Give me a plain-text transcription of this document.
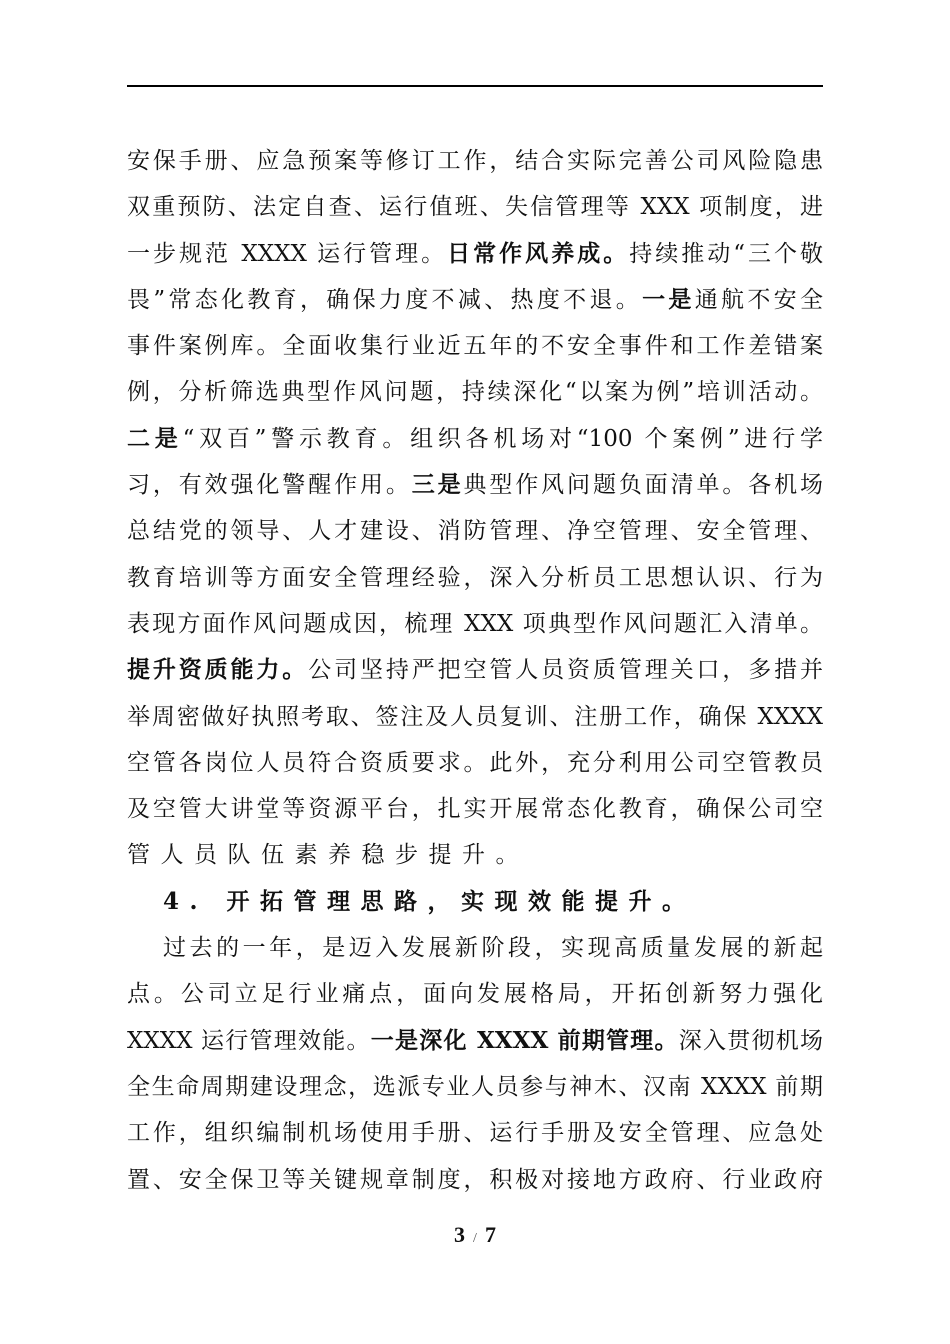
安保手册、应急预案等修订工作，结合实际完善公司风险隐患
双重预防、法定自查、运行值班、失信管理等 XXX 项制度，进
一步规范 XXXX 运行管理。日常作风养成。持续推动“三个敬
畏”常态化教育，确保力度不减、热度不退。一是通航不安全
事件案例库。全面收集行业近五年的不安全事件和工作差错案
例，分析筛选典型作风问题，持续深化“以案为例”培训活动。
二是“双百”警示教育。组织各机场对“100 个案例”进行学
习，有效强化警醒作用。三是典型作风问题负面清单。各机场
总结党的领导、人才建设、消防管理、净空管理、安全管理、
教育培训等方面安全管理经验，深入分析员工思想认识、行为
表现方面作风问题成因，梳理 XXX 项典型作风问题汇入清单。
提升资质能力。公司坚持严把空管人员资质管理关口，多措并
举周密做好执照考取、签注及人员复训、注册工作，确保 XXXX
空管各岗位人员符合资质要求。此外，充分利用公司空管教员
及空管大讲堂等资源平台，扎实开展常态化教育，确保公司空
管人员队伍素养稳步提升。
4. 开拓管理思路，实现效能提升。
过去的一年，是迈入发展新阶段，实现高质量发展的新起
点。公司立足行业痛点，面向发展格局，开拓创新努力强化
XXXX 运行管理效能。一是深化 XXXX 前期管理。深入贯彻机场
全生命周期建设理念，选派专业人员参与神木、汉南 XXXX 前期
工作，组织编制机场使用手册、运行手册及安全管理、应急处
置、安全保卫等关键规章制度，积极对接地方政府、行业政府
3 / 7
